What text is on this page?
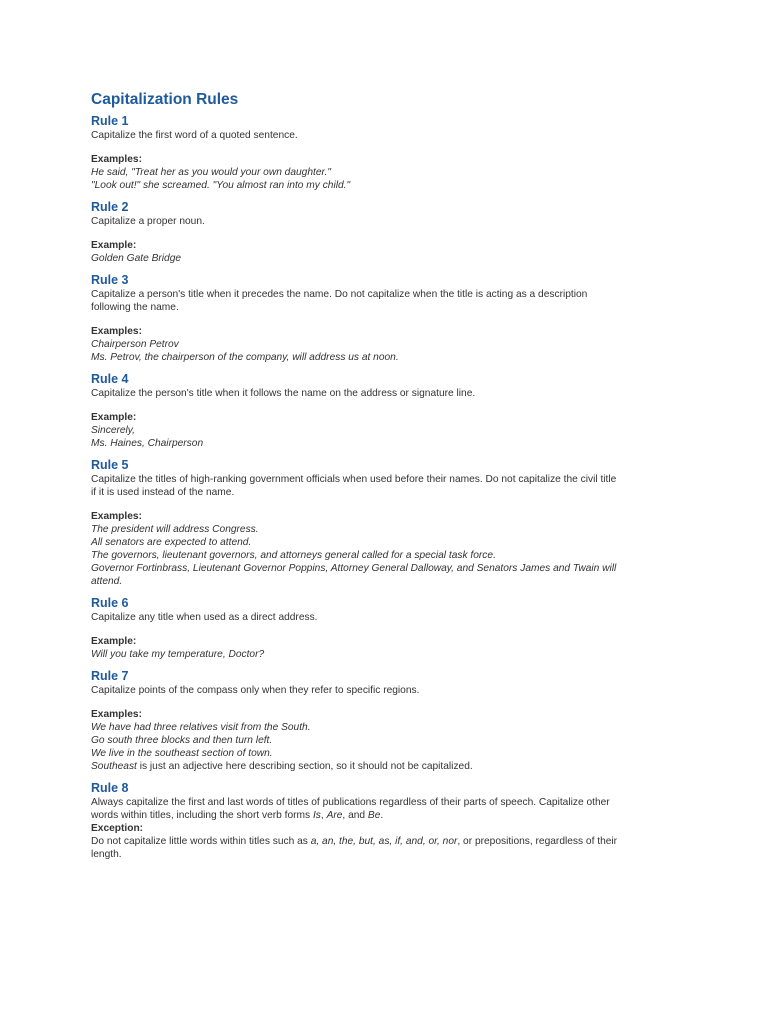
Capitalization Rules
Rule 1

Capitalize the first word of a quoted sentence.

Examples:

He said, "Treat her as you would your own daughter."

"Look out!" she screamed. "You almost ran into my child."

Rule 2

Capitalize a proper noun.

Example:

Golden Gate Bridge

Rule 3

Capitalize a person's title when it precedes the name. Do not capitalize when the title is acting as a description

following the name.

Examples:

Chairperson Petrov

Ms. Petrov, the chairperson of the company, will address us at noon.

Rule 4

Capitalize the person's title when it follows the name on the address or signature line.

Example:

Sincerely,

Ms. Haines, Chairperson

Rule 5

Capitalize the titles of high-ranking government officials when used before their names. Do not capitalize the civil title

if it is used instead of the name.

Examples:

The president will address Congress.

All senators are expected to attend.

The governors, lieutenant governors, and attorneys general called for a special task force.

Governor Fortinbrass, Lieutenant Governor Poppins, Attorney General Dalloway, and Senators James and Twain will

attend.

Rule 6

Capitalize any title when used as a direct address.

Example:

Will you take my temperature, Doctor?

Rule 7

Capitalize points of the compass only when they refer to specific regions.

Examples:

We have had three relatives visit from the South.

Go south three blocks and then turn left.

We live in the southeast section of town.

Southeast is just an adjective here describing section, so it should not be capitalized.

Rule 8

Always capitalize the first and last words of titles of publications regardless of their parts of speech. Capitalize other

words within titles, including the short verb forms Is, Are, and Be.

Exception:

Do not capitalize little words within titles such as a, an, the, but, as, if, and, or, nor, or prepositions, regardless of their

length.
